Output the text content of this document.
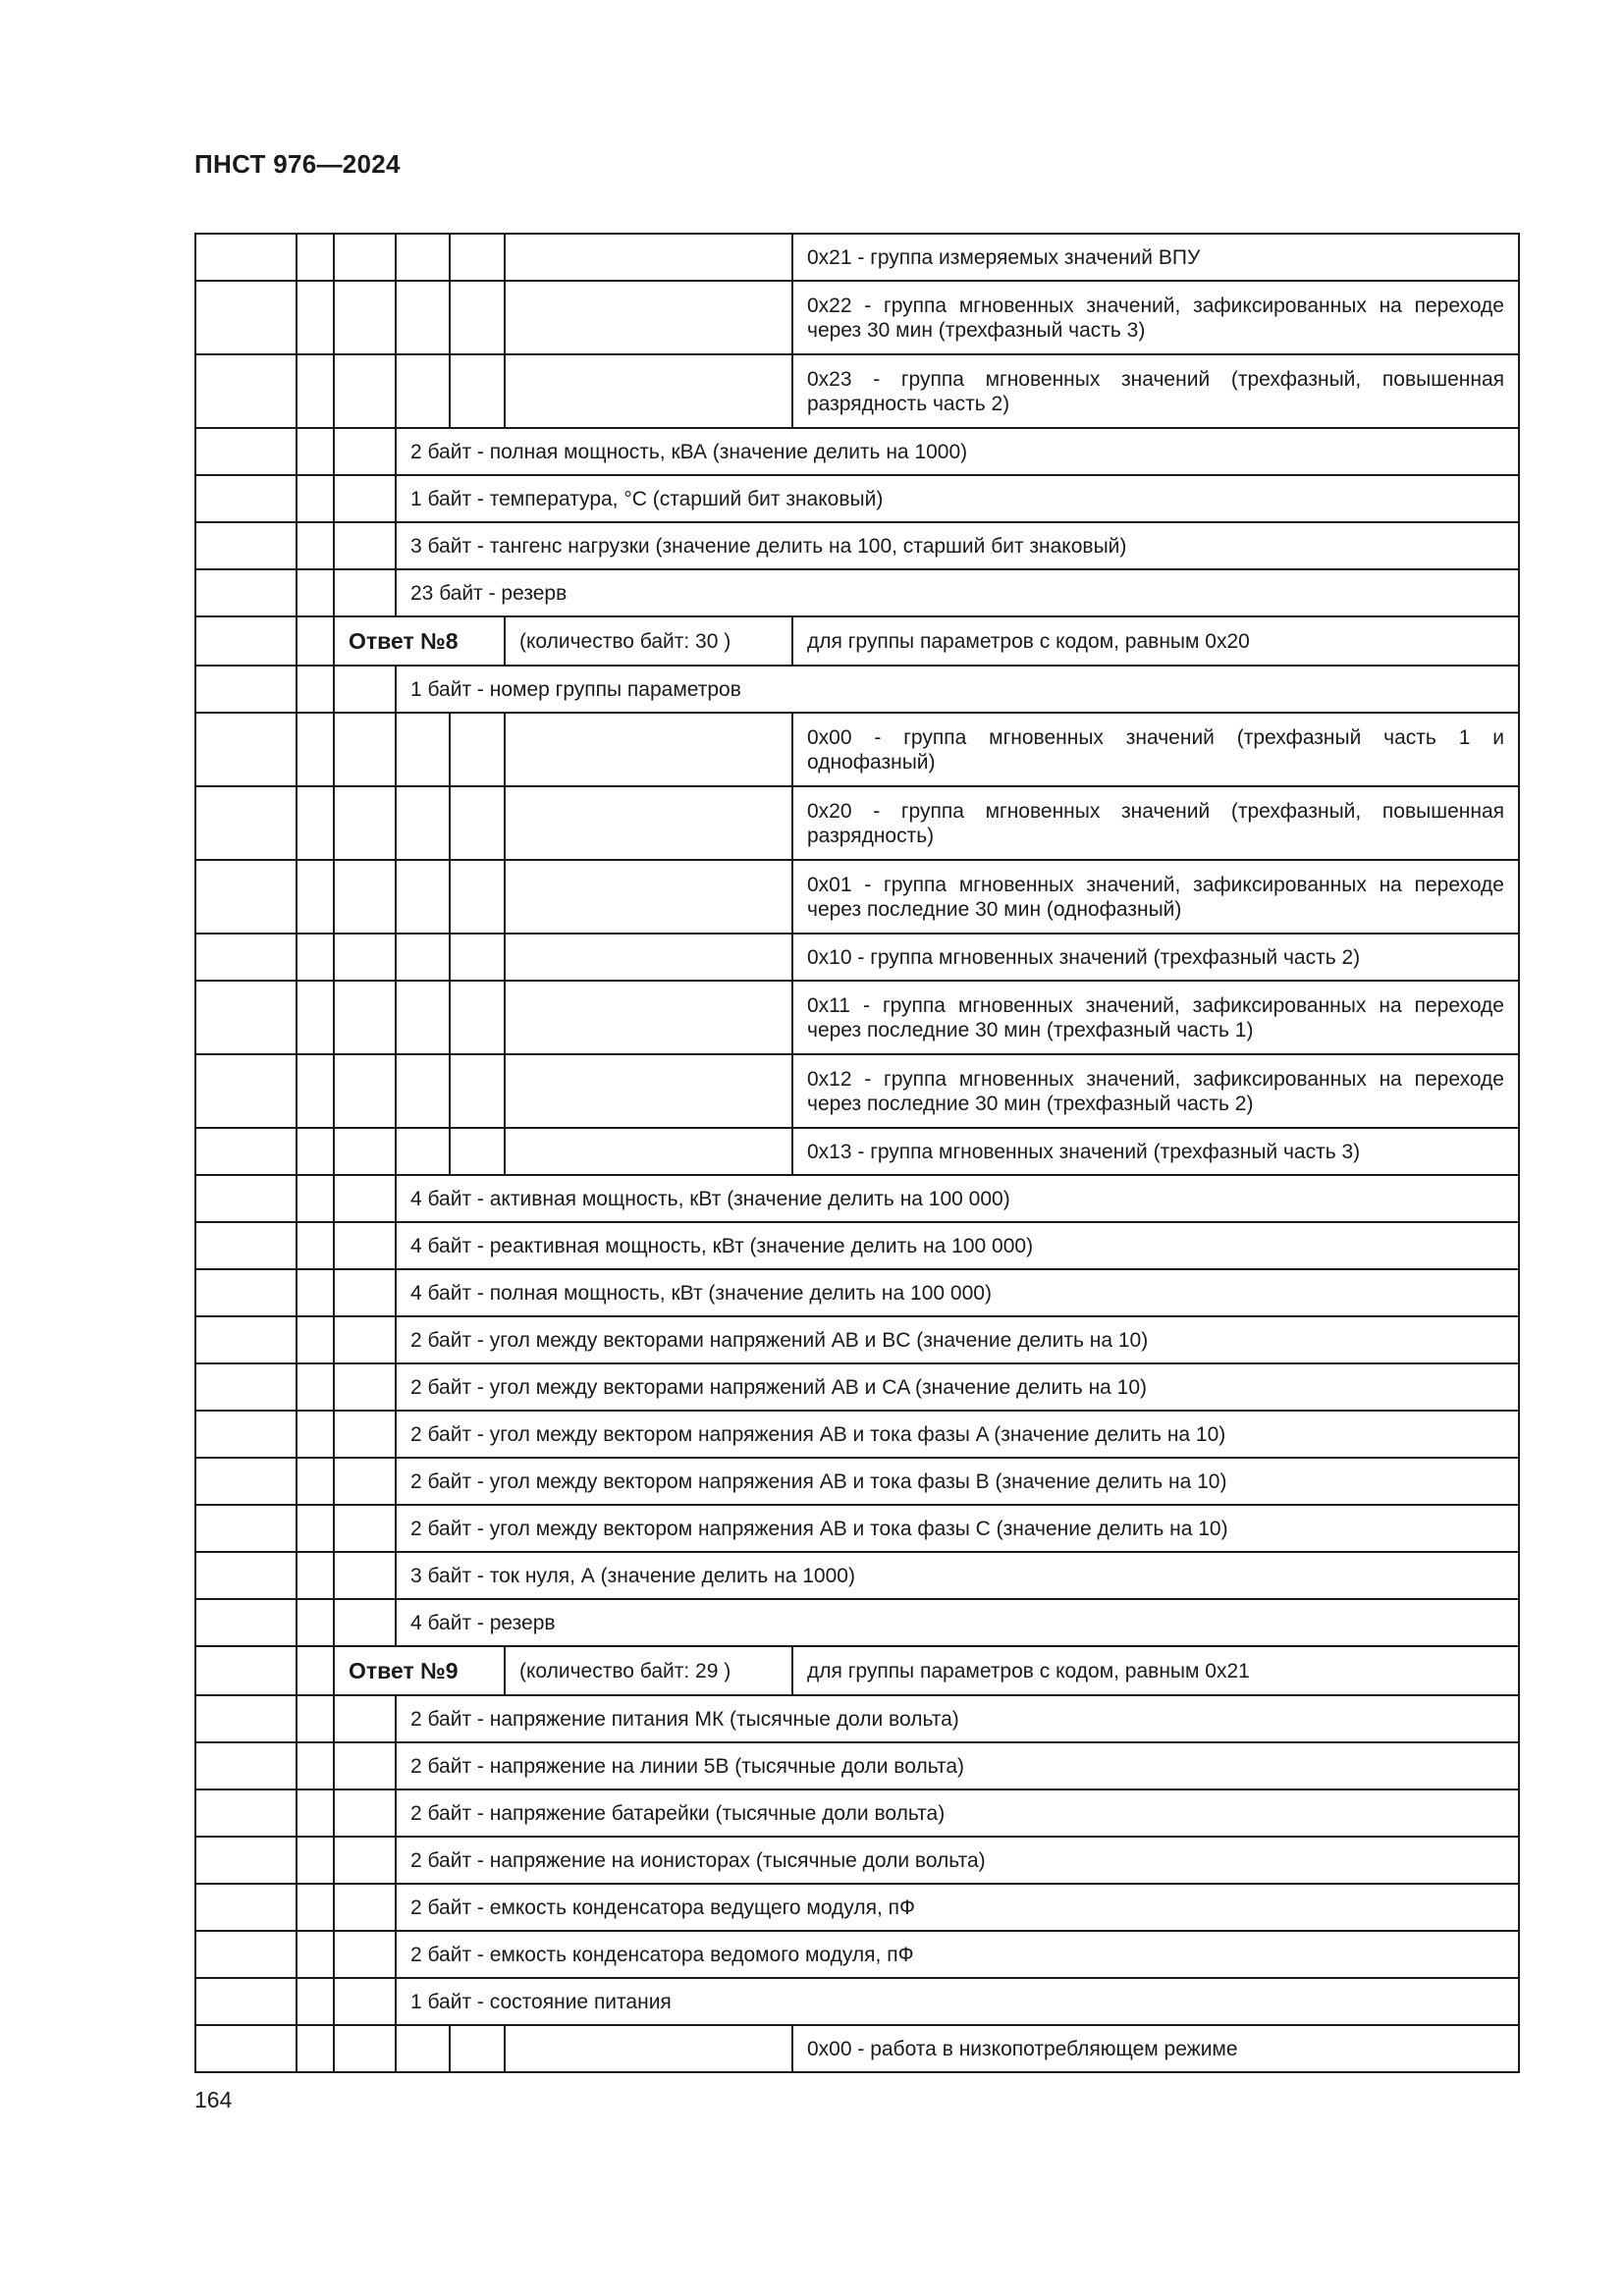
ПНСТ 976—2024
						0x21 - группа измеряемых значений ВПУ
						0x22 - группа мгновенных значений, зафиксированных на переходе через 30 мин (трехфазный часть 3)
						0x23 - группа мгновенных значений (трехфазный, повышенная разрядность часть 2)
			2 байт - полная мощность, кВА (значение делить на 1000)			
			1 байт - температура, °C (старший бит знаковый)			
			3 байт - тангенс нагрузки (значение делить на 100, старший бит знаковый)			
			23 байт - резерв			
		Ответ №8			(количество байт: 30 )	для группы параметров с кодом, равным 0x20
			1 байт - номер группы параметров			
						0x00 - группа мгновенных значений (трехфазный часть 1 и однофазный)
						0x20 - группа мгновенных значений (трехфазный, повышенная разрядность)
						0x01 - группа мгновенных значений, зафиксированных на переходе через последние 30 мин (однофазный)
						0x10 - группа мгновенных значений (трехфазный часть 2)
						0x11 - группа мгновенных значений, зафиксированных на переходе через последние 30 мин (трехфазный часть 1)
						0x12 - группа мгновенных значений, зафиксированных на переходе через последние 30 мин (трехфазный часть 2)
						0x13 - группа мгновенных значений (трехфазный часть 3)
			4 байт - активная мощность, кВт (значение делить на 100 000)			
			4 байт - реактивная мощность, кВт (значение делить на 100 000)			
			4 байт - полная мощность, кВт (значение делить на 100 000)			
			2 байт - угол между векторами напряжений AB и BC (значение делить на 10)			
			2 байт - угол между векторами напряжений AB и CA (значение делить на 10)			
			2 байт - угол между вектором напряжения AB и тока фазы A (значение делить на 10)			
			2 байт - угол между вектором напряжения AB и тока фазы B (значение делить на 10)			
			2 байт - угол между вектором напряжения AB и тока фазы C (значение делить на 10)			
			3 байт - ток нуля, А (значение делить на 1000)			
			4 байт - резерв			
		Ответ №9			(количество байт: 29 )	для группы параметров с кодом, равным 0x21
			2 байт - напряжение питания МК (тысячные доли вольта)			
			2 байт - напряжение на линии 5В (тысячные доли вольта)			
			2 байт - напряжение батарейки (тысячные доли вольта)			
			2 байт - напряжение на ионисторах (тысячные доли вольта)			
			2 байт - емкость конденсатора ведущего модуля, пФ			
			2 байт - емкость конденсатора ведомого модуля, пФ			
			1 байт - состояние питания			
						0x00 - работа в низкопотребляющем режиме
164
